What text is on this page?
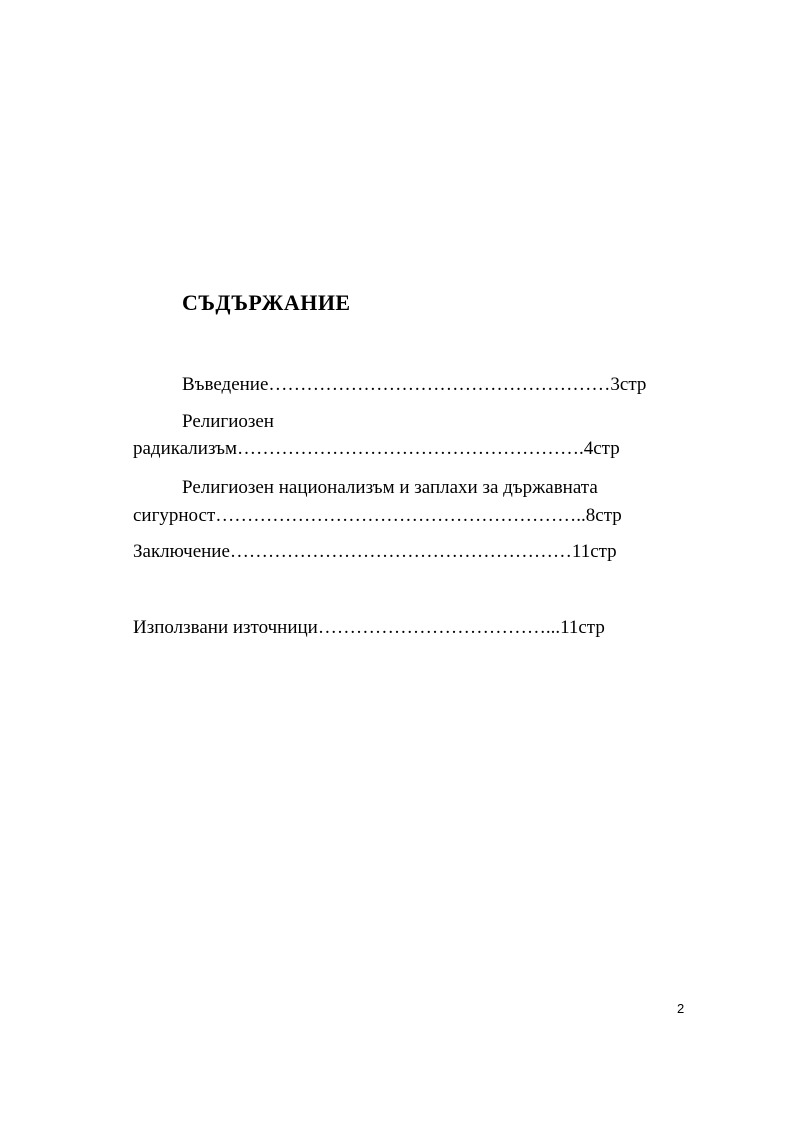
СЪДЪРЖАНИЕ

Въведение………………………………………………3стр

Религиозен

радикализъм……………………………………………….4стр

Религиозен национализъм и заплахи за държавната

сигурност…………………………………………………..8стр

Заключение………………………………………………11стр

Използвани източници………………………………...11стр

2
